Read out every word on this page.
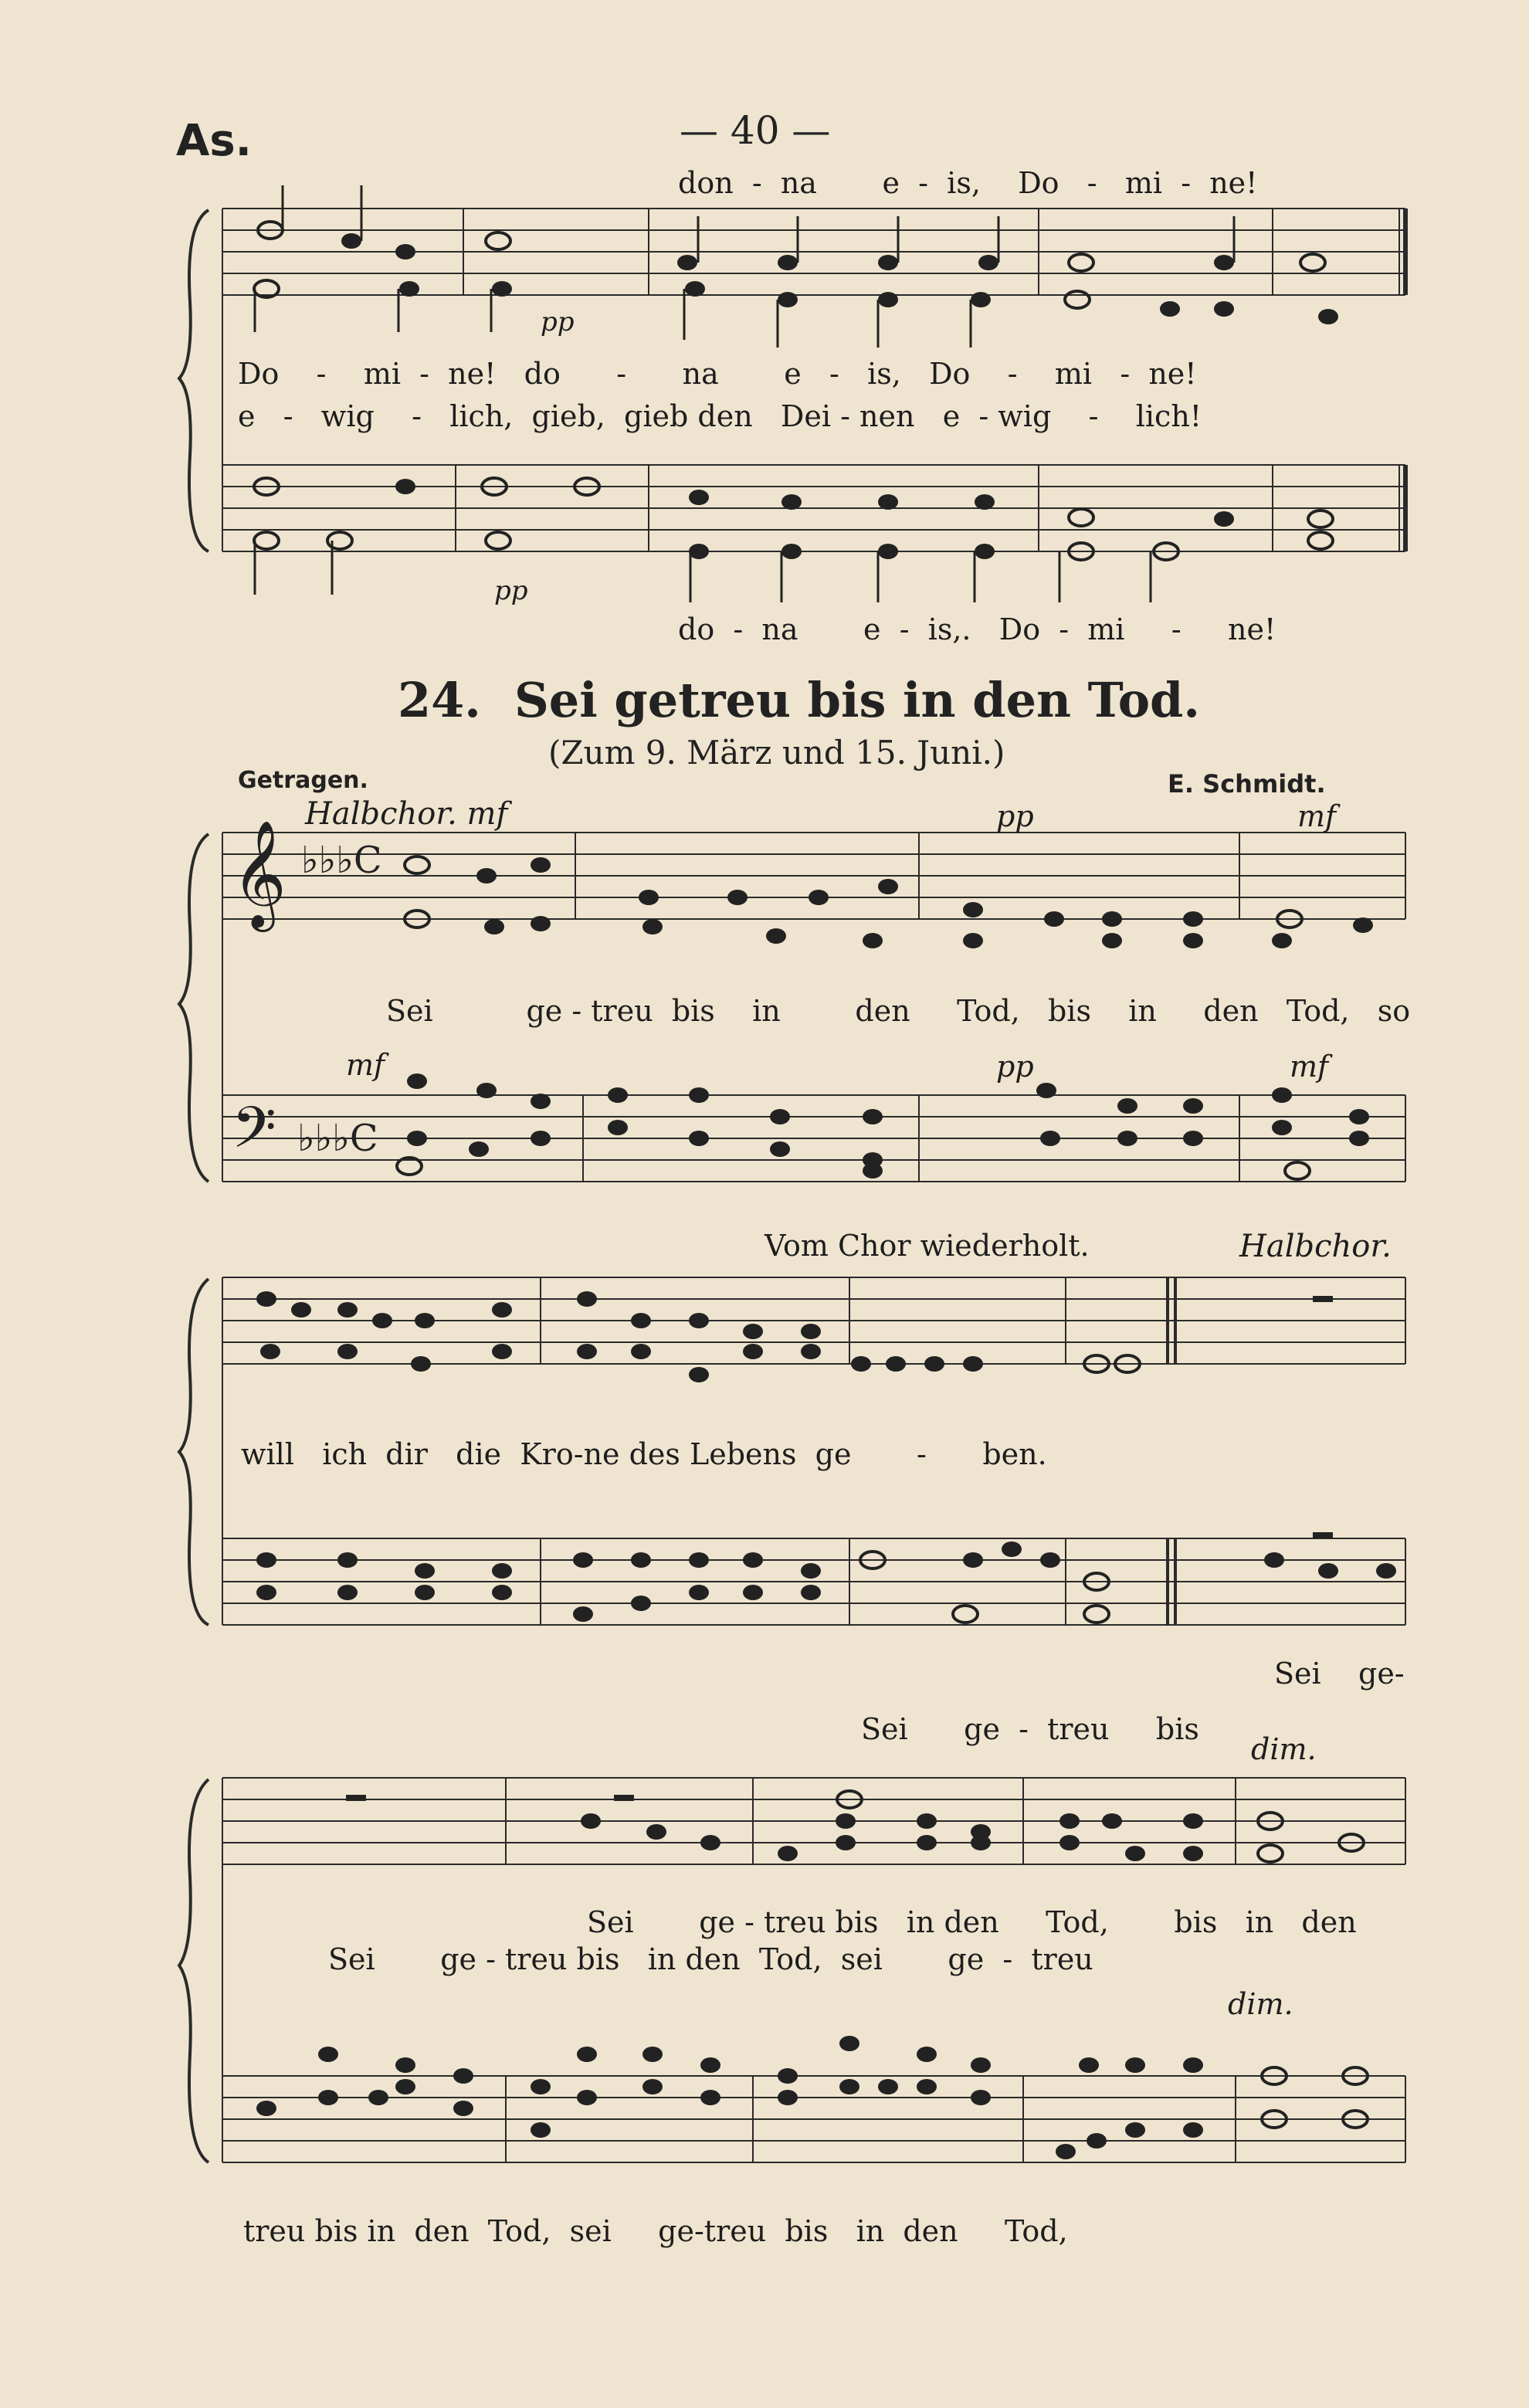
As.	— 40 —
𝄞
𝄢
♭♭♭C
♭♭♭C
don  -  na       e  -  is,    Do   -   mi  -  ne!
pp
Do    -    mi  -  ne!   do      -      na       e   -   is,   Do    -    mi   -  ne!
e   -   wig    -   lich,  gieb,  gieb den   Dei - nen   e  - wig    -    lich!
pp
do  -  na       e  -  is,.   Do  -  mi     -     ne!
24.  Sei getreu bis in den Tod.
(Zum 9. März und 15. Juni.)
Getragen.	E. Schmidt.
Halbchor. mf	pp	mf
Sei          ge - treu  bis    in        den     Tod,   bis    in     den   Tod,   so
mf	pp	mf
Vom Chor wiederholt.	Halbchor.
will   ich  dir   die  Kro-ne des Lebens  ge       -      ben.
Sei    ge-
Sei      ge  -  treu     bis
dim.
Sei       ge - treu bis   in den     Tod,       bis   in   den
Sei       ge - treu bis   in den  Tod,  sei       ge  -  treu
dim.
treu bis in  den  Tod,  sei     ge-treu  bis   in  den     Tod,
